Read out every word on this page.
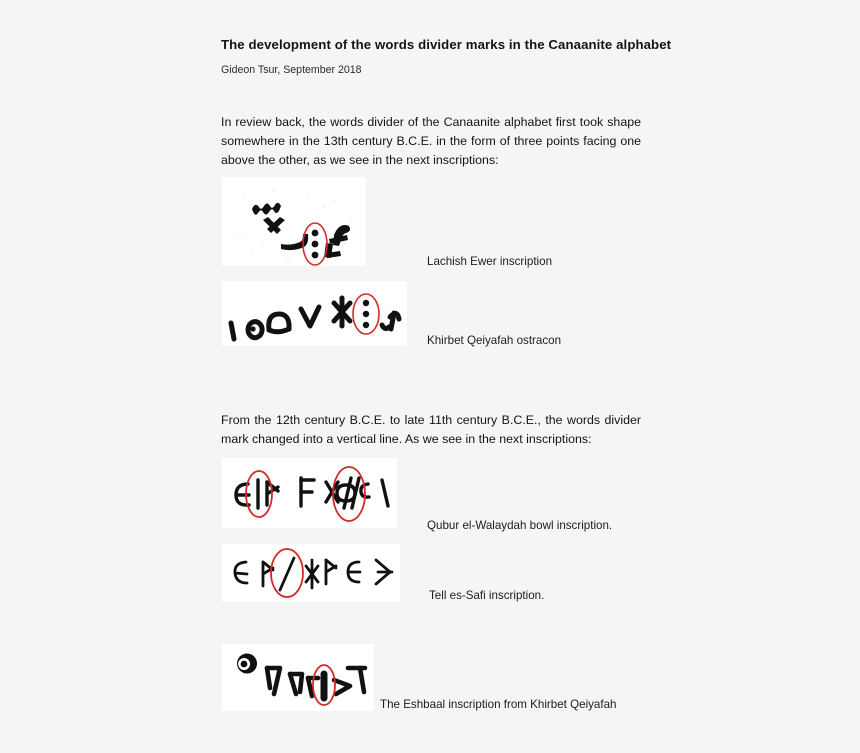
The development of the words divider marks in the Canaanite alphabet
Gideon Tsur, September 2018
In review back, the words divider of the Canaanite alphabet first took shape somewhere in the 13th century B.C.E. in the form of three points facing one above the other, as we see in the next inscriptions:
Lachish Ewer inscription
Khirbet Qeiyafah ostracon
From the 12th century B.C.E. to late 11th century B.C.E., the words divider mark changed into a vertical line. As we see in the next inscriptions:
Qubur el-Walaydah bowl inscription.
Tell es-Safi inscription.
The Eshbaal inscription from Khirbet Qeiyafah
